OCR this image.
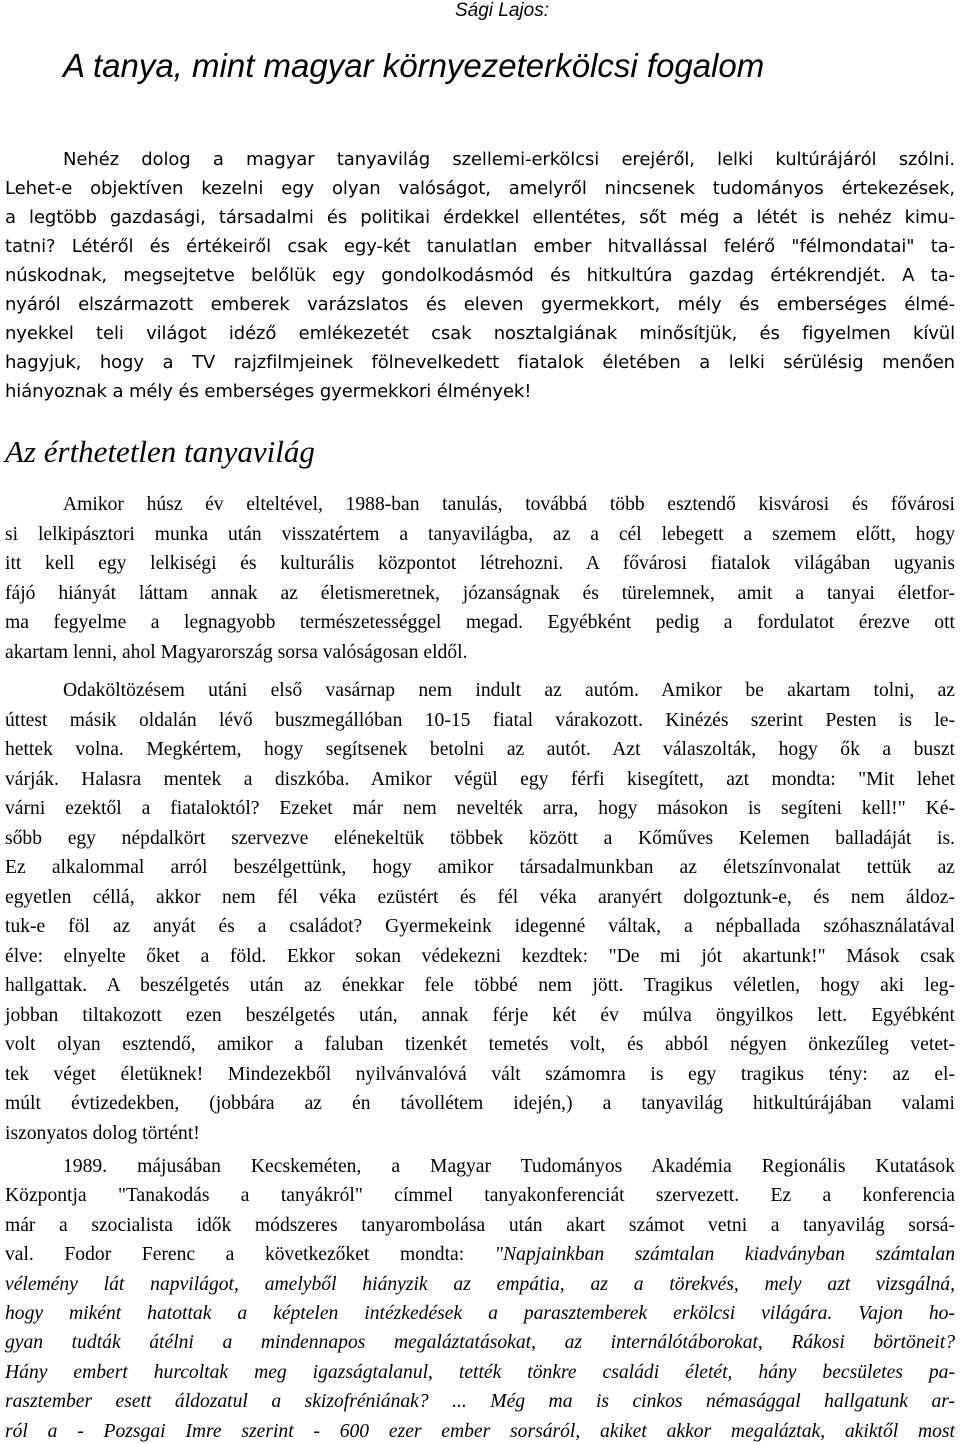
Sági Lajos:
A tanya, mint magyar környezeterkölcsi fogalom
Nehéz dolog a magyar tanyavilág szellemi-erkölcsi erejéről, lelki kultúrájáról szólni.
Lehet-e objektíven kezelni egy olyan valóságot, amelyről nincsenek tudományos értekezések,
a legtöbb gazdasági, társadalmi és politikai érdekkel ellentétes, sőt még a létét is nehéz kimu-
tatni? Létéről és értékeiről csak egy-két tanulatlan ember hitvallással felérő "félmondatai" ta-
núskodnak, megsejtetve belőlük egy gondolkodásmód és hitkultúra gazdag értékrendjét. A ta-
nyáról elszármazott emberek varázslatos és eleven gyermekkort, mély és emberséges élmé-
nyekkel teli világot idéző emlékezetét csak nosztalgiának minősítjük, és figyelmen kívül
hagyjuk, hogy a TV rajzfilmjeinek fölnevelkedett fiatalok életében a lelki sérülésig menően
hiányoznak a mély és emberséges gyermekkori élmények!
Az érthetetlen tanyavilág
Amikor húsz év elteltével, 1988-ban tanulás, továbbá több esztendő kisvárosi és fővárosi
si lelkipásztori munka után visszatértem a tanyavilágba, az a cél lebegett a szemem előtt, hogy
itt kell egy lelkiségi és kulturális központot létrehozni. A fővárosi fiatalok világában ugyanis
fájó hiányát láttam annak az életismeretnek, józanságnak és türelemnek, amit a tanyai életfor-
ma fegyelme a legnagyobb természetességgel megad. Egyébként pedig a fordulatot érezve ott
akartam lenni, ahol Magyarország sorsa valóságosan eldől.
Odaköltözésem utáni első vasárnap nem indult az autóm. Amikor be akartam tolni, az
úttest másik oldalán lévő buszmegállóban 10-15 fiatal várakozott. Kinézés szerint Pesten is le-
hettek volna. Megkértem, hogy segítsenek betolni az autót. Azt válaszolták, hogy ők a buszt
várják. Halasra mentek a diszkóba. Amikor végül egy férfi kisegített, azt mondta: "Mit lehet
várni ezektől a fiataloktól? Ezeket már nem nevelték arra, hogy másokon is segíteni kell!" Ké-
sőbb egy népdalkört szervezve elénekeltük többek között a Kőműves Kelemen balladáját is.
Ez alkalommal arról beszélgettünk, hogy amikor társadalmunkban az életszínvonalat tettük az
egyetlen céllá, akkor nem fél véka ezüstért és fél véka aranyért dolgoztunk-e, és nem áldoz-
tuk-e föl az anyát és a családot? Gyermekeink idegenné váltak, a népballada szóhasználatával
élve: elnyelte őket a föld. Ekkor sokan védekezni kezdtek: "De mi jót akartunk!" Mások csak
hallgattak. A beszélgetés után az énekkar fele többé nem jött. Tragikus véletlen, hogy aki leg-
jobban tiltakozott ezen beszélgetés után, annak férje két év múlva öngyilkos lett. Egyébként
volt olyan esztendő, amikor a faluban tizenkét temetés volt, és abból négyen önkezűleg vetet-
tek véget életüknek! Mindezekből nyilvánvalóvá vált számomra is egy tragikus tény: az el-
múlt évtizedekben, (jobbára az én távollétem idején,) a tanyavilág hitkultúrájában valami
iszonyatos dolog történt!
1989. májusában Kecskeméten, a Magyar Tudományos Akadémia Regionális Kutatások
Központja "Tanakodás a tanyákról" címmel tanyakonferenciát szervezett. Ez a konferencia
már a szocialista idők módszeres tanyarombolása után akart számot vetni a tanyavilág sorsá-
val. Fodor Ferenc a következőket mondta: "Napjainkban számtalan kiadványban számtalan
vélemény lát napvilágot, amelyből hiányzik az empátia, az a törekvés, mely azt vizsgálná,
hogy miként hatottak a képtelen intézkedések a parasztemberek erkölcsi világára. Vajon ho-
gyan tudták átélni a mindennapos megaláztatásokat, az internálótáborokat, Rákosi börtöneit?
Hány embert hurcoltak meg igazságtalanul, tették tönkre családi életét, hány becsületes pa-
rasztember esett áldozatul a skizofréniának? ... Még ma is cinkos némasággal hallgatunk ar-
ról a - Pozsgai Imre szerint - 600 ezer ember sorsáról, akiket akkor megaláztak, akiktől most
